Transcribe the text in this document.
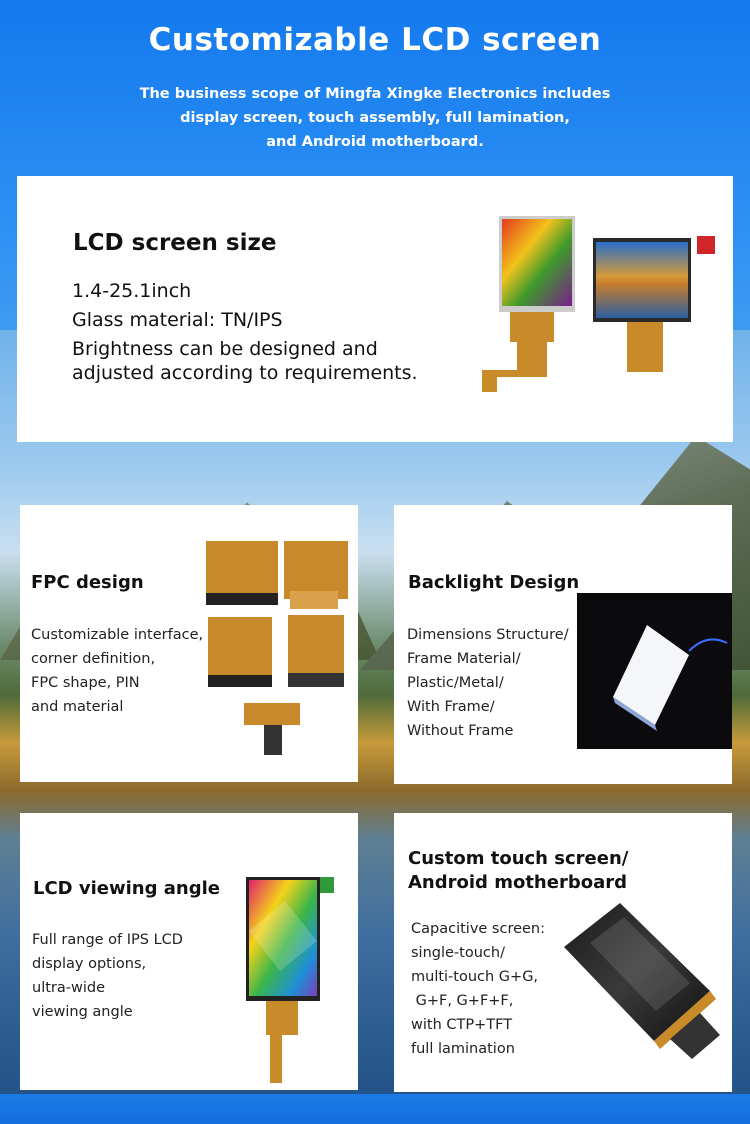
Customizable LCD screen
The business scope of Mingfa Xingke Electronics includes
display screen, touch assembly, full lamination,
and Android motherboard.
LCD screen size
1.4-25.1inch
Glass material: TN/IPS
Brightness can be designed and
adjusted according to requirements.
FPC design
Customizable interface,
corner definition,
FPC shape, PIN
and material
Backlight Design
Dimensions Structure/
Frame Material/
Plastic/Metal/
With Frame/
Without Frame
LCD viewing angle
Full range of IPS LCD
display options,
ultra-wide
viewing angle
Custom touch screen/
Android motherboard
Capacitive screen:
single-touch/
multi-touch G+G,
G+F, G+F+F,
with CTP+TFT
full lamination
